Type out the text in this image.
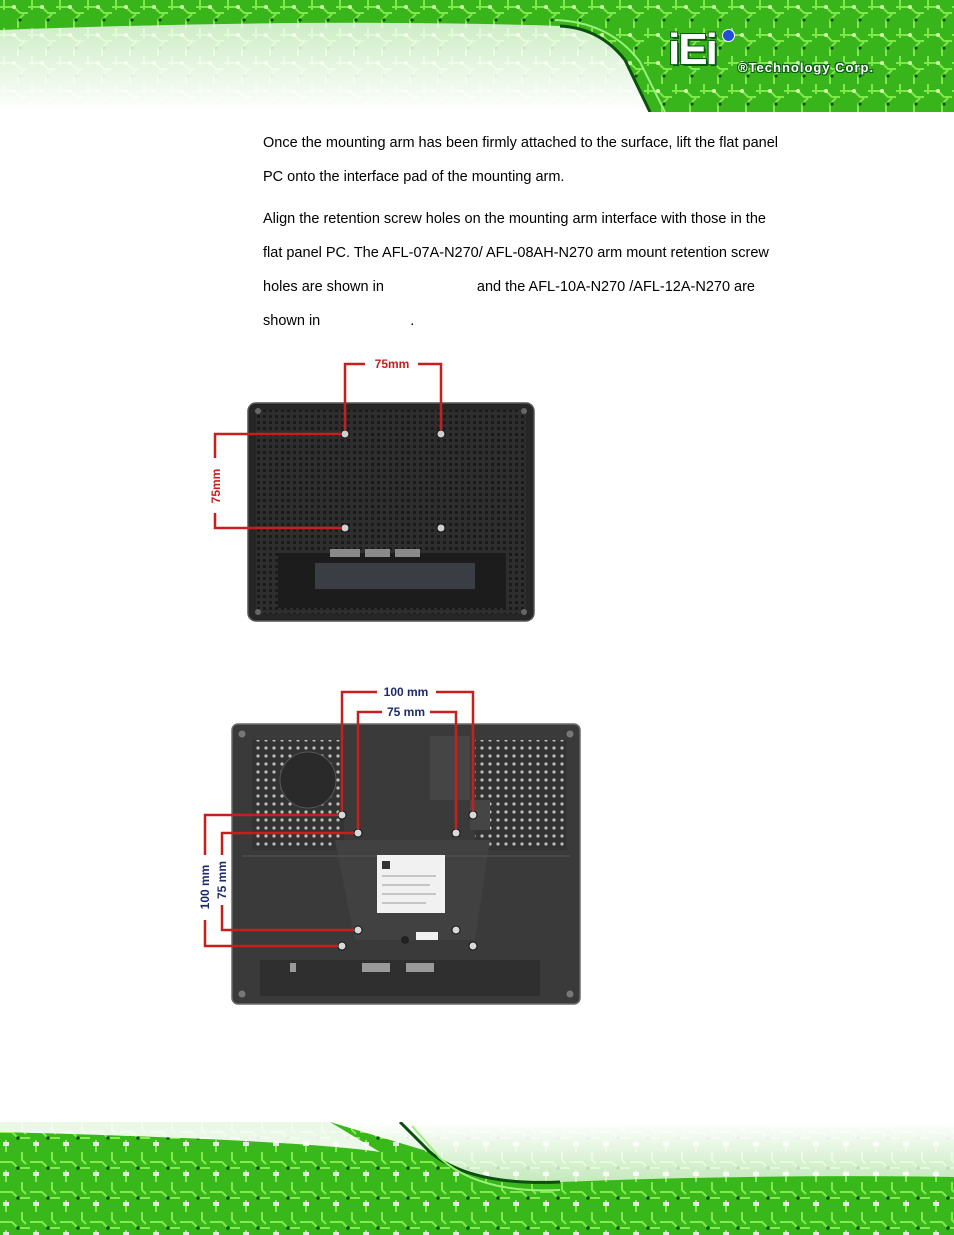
iEi ®Technology Corp.
Once the mounting arm has been firmly attached to the surface, lift the flat panel
PC onto the interface pad of the mounting arm.
Align the retention screw holes on the mounting arm interface with those in the
flat panel PC. The AFL-07A-N270/ AFL-08AH-N270 arm mount retention screw
holes are shown in	and the AFL-10A-N270 /AFL-12A-N270 are
shown in	.
75mm
75mm
100 mm
75 mm
100 mm 75 mm
